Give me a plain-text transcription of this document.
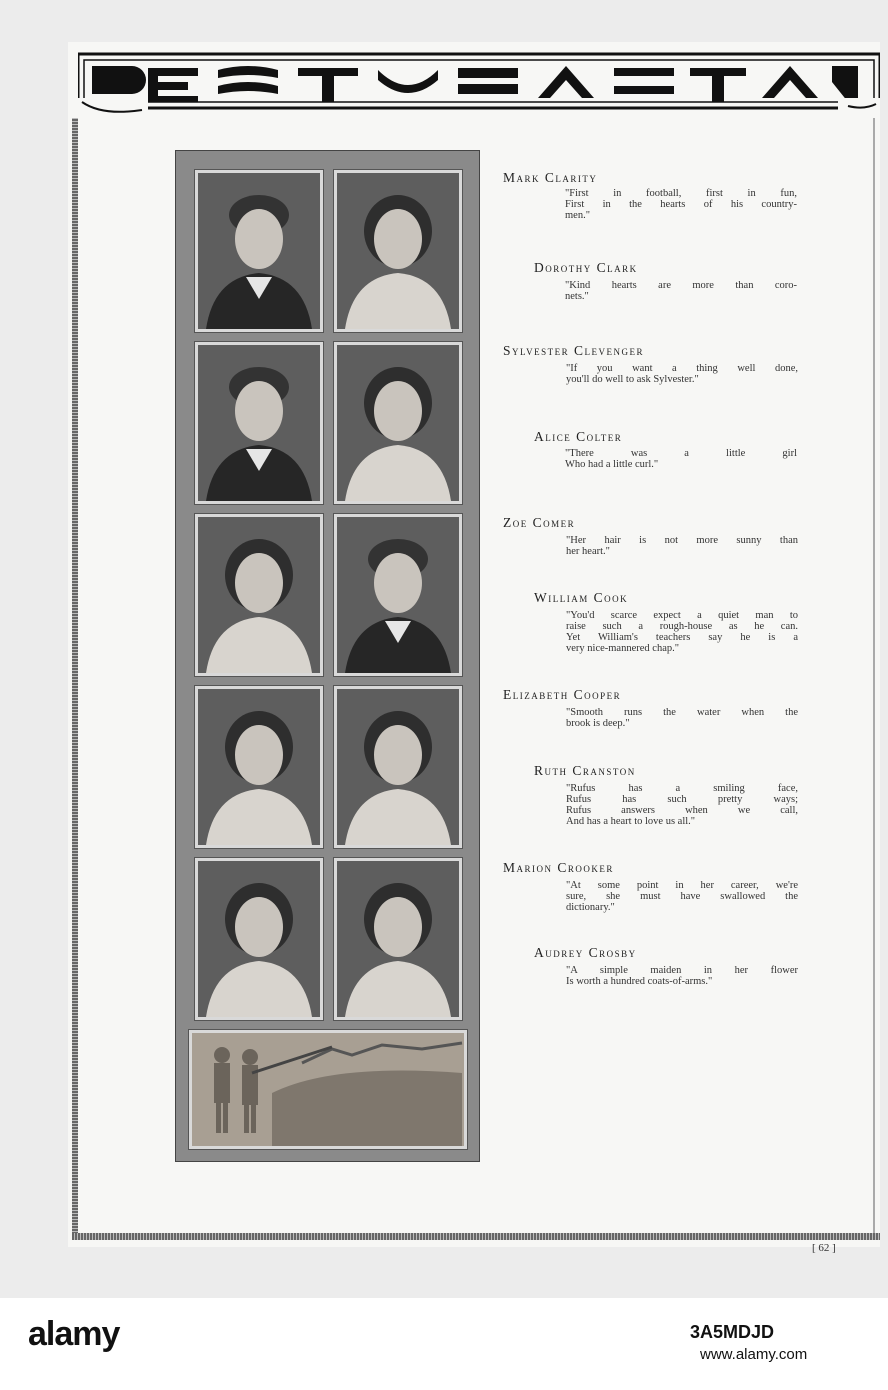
Mark Clarity
"First in football, first in fun,
First in the hearts of his country-
men."
Dorothy Clark
"Kind hearts are more than coro-
nets."
Sylvester Clevenger
"If you want a thing well done,
you'll do well to ask Sylvester."
Alice Colter
"There was a little girl
Who had a little curl."
Zoe Comer
"Her hair is not more sunny than
her heart."
William Cook
"You'd scarce expect a quiet man to
raise such a rough-house as he can.
Yet William's teachers say he is a
very nice-mannered chap."
Elizabeth Cooper
"Smooth runs the water when the
brook is deep."
Ruth Cranston
"Rufus has a smiling face,
Rufus has such pretty ways;
Rufus answers when we call,
And has a heart to love us all."
Marion Crooker
"At some point in her career, we're
sure, she must have swallowed the
dictionary."
Audrey Crosby
"A simple maiden in her flower
Is worth a hundred coats-of-arms."
[ 62 ]
alamy	3A5MDJD
www.alamy.com
